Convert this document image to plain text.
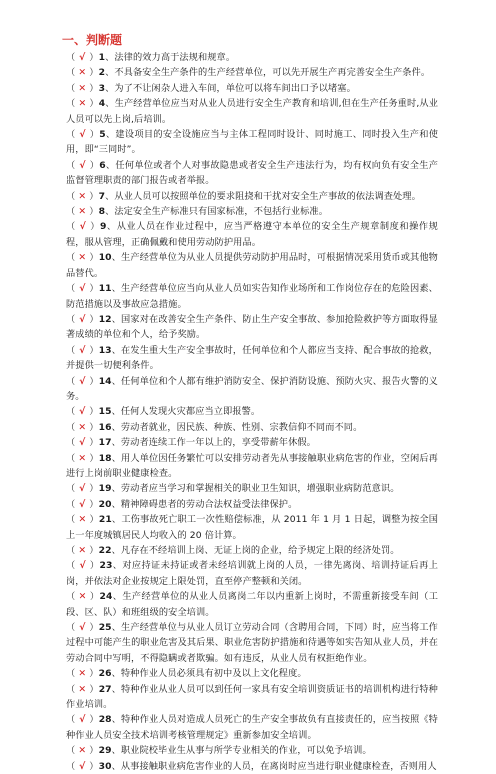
一、判断题

（ √ ）1、法律的效力高于法规和规章。

（ ✕ ）2、不具备安全生产条件的生产经营单位，可以先开展生产再完善安全生产条件。

（ ✕ ）3、为了不让闲杂人进入车间，单位可以将车间出口予以堵塞。

（ ✕ ）4、生产经营单位应当对从业人员进行安全生产教育和培训,但在生产任务重时,从业人员可以先上岗,后培训。

（ √ ）5、建设项目的安全设施应当与主体工程同时设计、同时施工、同时投入生产和使用，即“三同时”。

（ √ ）6、任何单位或者个人对事故隐患或者安全生产违法行为，均有权向负有安全生产监督管理职责的部门报告或者举报。

（ ✕ ）7、从业人员可以按照单位的要求阻挠和干扰对安全生产事故的依法调查处理。

（ ✕ ）8、法定安全生产标准只有国家标准，不包括行业标准。

（ √ ）9、从业人员在作业过程中，应当严格遵守本单位的安全生产规章制度和操作规程，服从管理，正确佩戴和使用劳动防护用品。

（ ✕ ）10、生产经营单位为从业人员提供劳动防护用品时，可根据情况采用货币或其他物品替代。

（ √ ）11、生产经营单位应当向从业人员如实告知作业场所和工作岗位存在的危险因素、防范措施以及事故应急措施。

（ √ ）12、国家对在改善安全生产条件、防止生产安全事故、参加抢险救护等方面取得显著成绩的单位和个人，给予奖励。

（ √ ）13、在发生重大生产安全事故时，任何单位和个人都应当支持、配合事故的抢救，并提供一切便利条件。

（ √ ）14、任何单位和个人都有维护消防安全、保护消防设施、预防火灾、报告火警的义务。

（ √ ）15、任何人发现火灾都应当立即报警。

（ ✕ ）16、劳动者就业，因民族、种族、性别、宗教信仰不同而不同。

（ √ ）17、劳动者连续工作一年以上的，享受带薪年休假。

（ ✕ ）18、用人单位因任务繁忙可以安排劳动者先从事接触职业病危害的作业，空闲后再进行上岗前职业健康检查。

（ √ ）19、劳动者应当学习和掌握相关的职业卫生知识，增强职业病防范意识。

（ √ ）20、精神障碍患者的劳动合法权益受法律保护。

（ ✕ ）21、工伤事故死亡职工一次性赔偿标准，从 2011 年 1 月 1 日起，调整为按全国上一年度城镇居民人均收入的 20 倍计算。

（ ✕ ）22、凡存在不经培训上岗、无证上岗的企业，给予规定上限的经济处罚。

（ √ ）23、对应持证未持证或者未经培训就上岗的人员，一律先离岗、培训持证后再上岗，并依法对企业按规定上限处罚，直至停产整顿和关闭。

（ ✕ ）24、生产经营单位的从业人员离岗二年以内重新上岗时，不需重新接受车间（工段、区、队）和班组级的安全培训。

（ √ ）25、生产经营单位与从业人员订立劳动合同（含聘用合同，下同）时，应当将工作过程中可能产生的职业危害及其后果、职业危害防护措施和待遇等如实告知从业人员，并在劳动合同中写明，不得隐瞒或者欺骗。如有违反，从业人员有权拒绝作业。

（ ✕ ）26、特种作业人员必须具有初中及以上文化程度。

（ ✕ ）27、特种作业从业人员可以到任何一家具有安全培训资质证书的培训机构进行特种作业培训。

（ √ ）28、特种作业人员对造成人员死亡的生产安全事故负有直接责任的，应当按照《特种作业人员安全技术培训考核管理规定》重新参加安全培训。

（ ✕ ）29、职业院校毕业生从事与所学专业相关的作业，可以免予培训。

（ √ ）30、从事接触职业病危害作业的人员，在离岗时应当进行职业健康检查，否则用人
